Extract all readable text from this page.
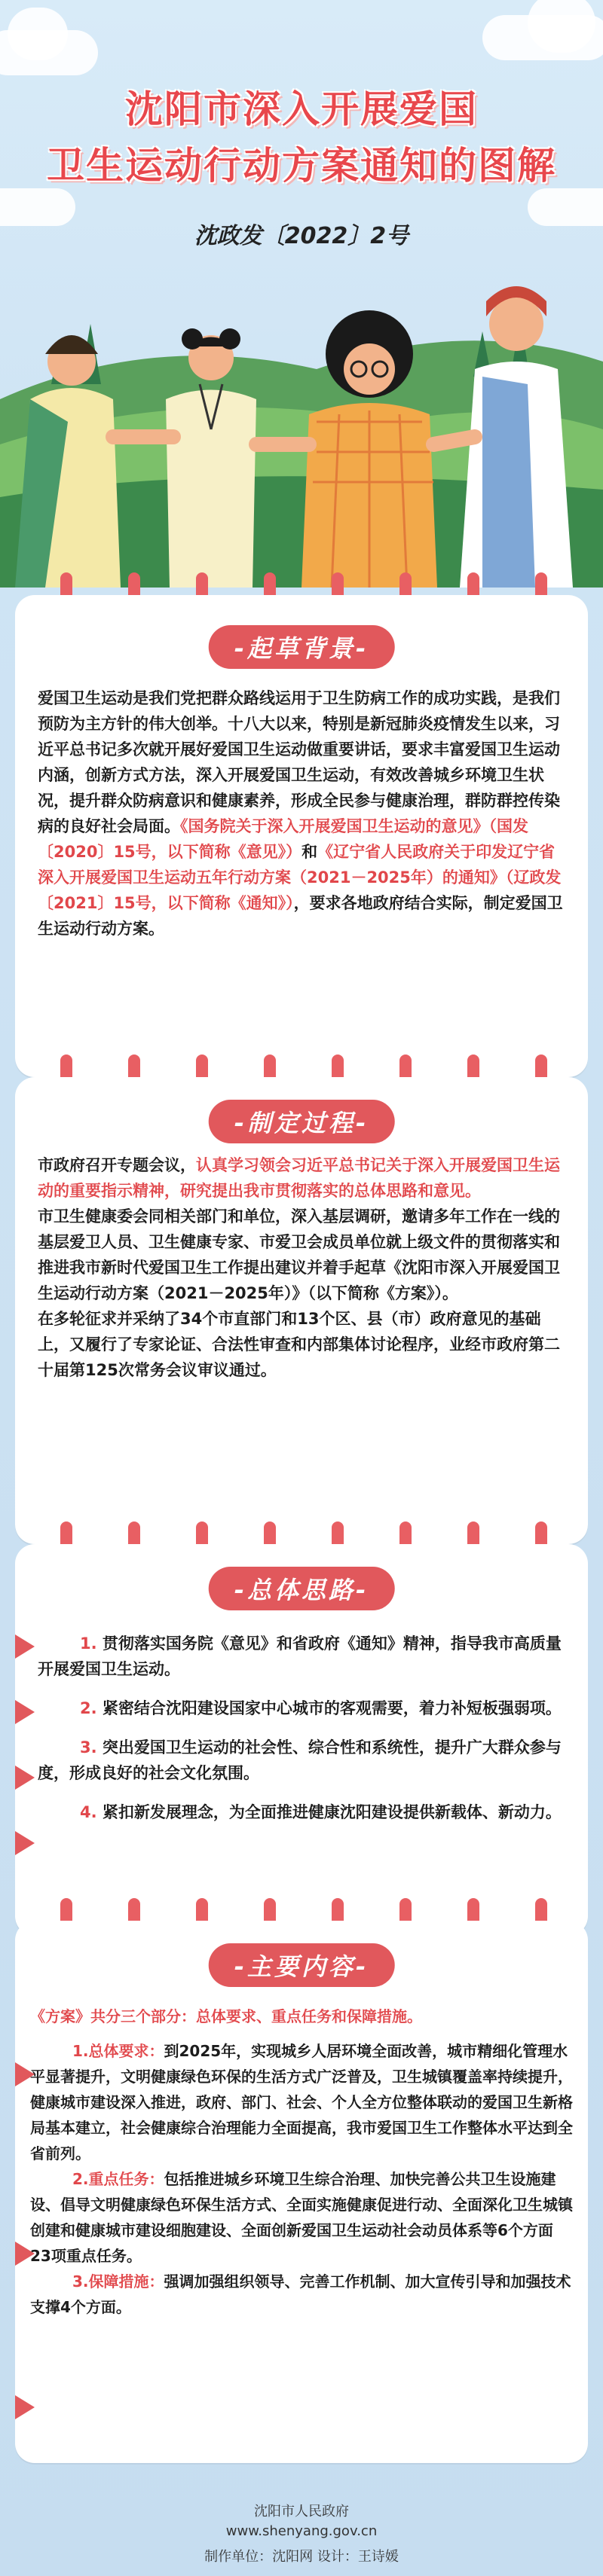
沈阳市深入开展爱国
卫生运动行动方案通知的图解
沈政发〔2022〕2号
-起草背景-

爱国卫生运动是我们党把群众路线运用于卫生防病工作的成功实践，是我们预防为主方针的伟大创举。十八大以来，特别是新冠肺炎疫情发生以来，习近平总书记多次就开展好爱国卫生运动做重要讲话，要求丰富爱国卫生运动内涵，创新方式方法，深入开展爱国卫生运动，有效改善城乡环境卫生状况，提升群众防病意识和健康素养，形成全民参与健康治理，群防群控传染病的良好社会局面。《国务院关于深入开展爱国卫生运动的意见》（国发〔2020〕15号，以下简称《意见》）和《辽宁省人民政府关于印发辽宁省深入开展爱国卫生运动五年行动方案（2021－2025年）的通知》（辽政发〔2021〕15号，以下简称《通知》），要求各地政府结合实际，制定爱国卫生运动行动方案。

-制定过程-

市政府召开专题会议，认真学习领会习近平总书记关于深入开展爱国卫生运动的重要指示精神，研究提出我市贯彻落实的总体思路和意见。

市卫生健康委会同相关部门和单位，深入基层调研，邀请多年工作在一线的基层爱卫人员、卫生健康专家、市爱卫会成员单位就上级文件的贯彻落实和推进我市新时代爱国卫生工作提出建议并着手起草《沈阳市深入开展爱国卫生运动行动方案（2021－2025年）》（以下简称《方案》）。

在多轮征求并采纳了34个市直部门和13个区、县（市）政府意见的基础上，又履行了专家论证、合法性审查和内部集体讨论程序，业经市政府第二十届第125次常务会议审议通过。

-总体思路-

1. 贯彻落实国务院《意见》和省政府《通知》精神，指导我市高质量开展爱国卫生运动。

2. 紧密结合沈阳建设国家中心城市的客观需要，着力补短板强弱项。

3. 突出爱国卫生运动的社会性、综合性和系统性，提升广大群众参与度，形成良好的社会文化氛围。

4. 紧扣新发展理念，为全面推进健康沈阳建设提供新载体、新动力。

-主要内容-

《方案》共分三个部分：总体要求、重点任务和保障措施。

1.总体要求：到2025年，实现城乡人居环境全面改善，城市精细化管理水平显著提升，文明健康绿色环保的生活方式广泛普及，卫生城镇覆盖率持续提升，健康城市建设深入推进，政府、部门、社会、个人全方位整体联动的爱国卫生新格局基本建立，社会健康综合治理能力全面提高，我市爱国卫生工作整体水平达到全省前列。

2.重点任务：包括推进城乡环境卫生综合治理、加快完善公共卫生设施建设、倡导文明健康绿色环保生活方式、全面实施健康促进行动、全面深化卫生城镇创建和健康城市建设细胞建设、全面创新爱国卫生运动社会动员体系等6个方面23项重点任务。

3.保障措施：强调加强组织领导、完善工作机制、加大宣传引导和加强技术支撑4个方面。

沈阳市人民政府
www.shenyang.gov.cn
制作单位：沈阳网 设计：王诗媛
